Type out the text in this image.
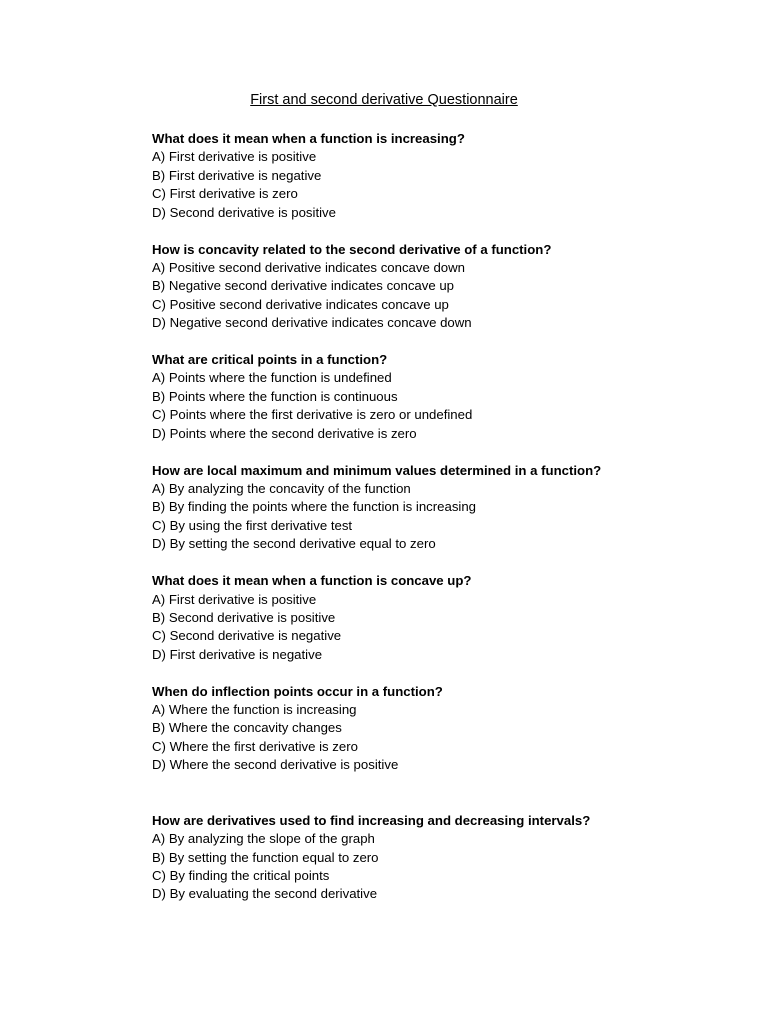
First and second derivative Questionnaire
What does it mean when a function is increasing?
A) First derivative is positive
B) First derivative is negative
C) First derivative is zero
D) Second derivative is positive
How is concavity related to the second derivative of a function?
A) Positive second derivative indicates concave down
B) Negative second derivative indicates concave up
C) Positive second derivative indicates concave up
D) Negative second derivative indicates concave down
What are critical points in a function?
A) Points where the function is undefined
B) Points where the function is continuous
C) Points where the first derivative is zero or undefined
D) Points where the second derivative is zero
How are local maximum and minimum values determined in a function?
A) By analyzing the concavity of the function
B) By finding the points where the function is increasing
C) By using the first derivative test
D) By setting the second derivative equal to zero
What does it mean when a function is concave up?
A) First derivative is positive
B) Second derivative is positive
C) Second derivative is negative
D) First derivative is negative
When do inflection points occur in a function?
A) Where the function is increasing
B) Where the concavity changes
C) Where the first derivative is zero
D) Where the second derivative is positive
How are derivatives used to find increasing and decreasing intervals?
A) By analyzing the slope of the graph
B) By setting the function equal to zero
C) By finding the critical points
D) By evaluating the second derivative
